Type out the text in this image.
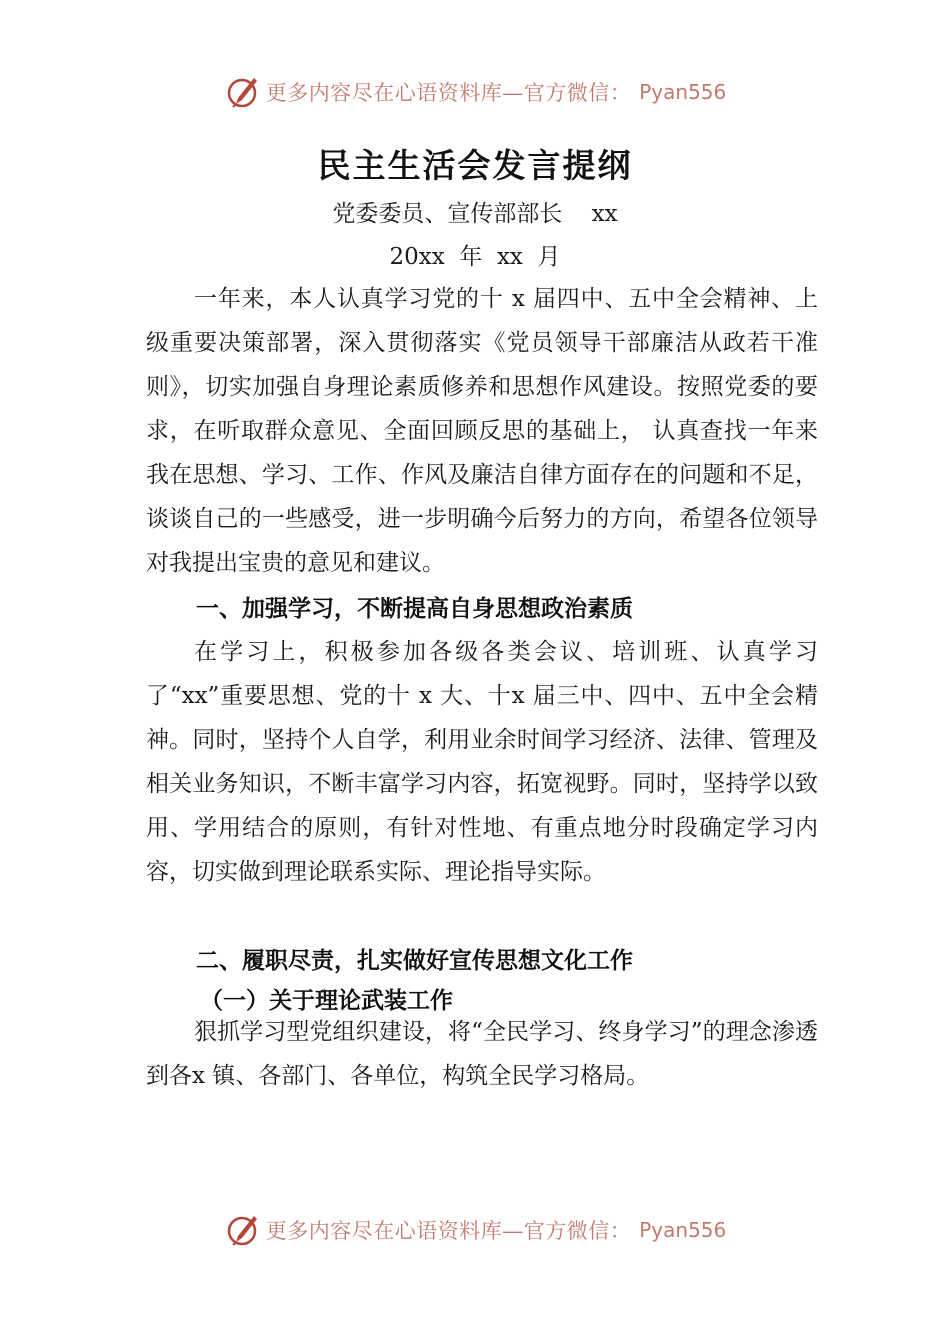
更多内容尽在心语资料库—官方微信： Pyan556
民主生活会发言提纲
党委委员、宣传部部长    xx
20xx  年  xx  月
一年来，本人认真学习党的十 x 届四中、五中全会精神、上级重要决策部署，深入贯彻落实《党员领导干部廉洁从政若干准则》，切实加强自身理论素质修养和思想作风建设。按照党委的要求，在听取群众意见、全面回顾反思的基础上， 认真查找一年来我在思想、学习、工作、作风及廉洁自律方面存在的问题和不足，谈谈自己的一些感受，进一步明确今后努力的方向，希望各位领导对我提出宝贵的意见和建议。
一、加强学习，不断提高自身思想政治素质
在学习上，积极参加各级各类会议、培训班、认真学习了“xx”重要思想、党的十 x 大、十x 届三中、四中、五中全会精神。同时，坚持个人自学，利用业余时间学习经济、法律、管理及相关业务知识，不断丰富学习内容，拓宽视野。同时，坚持学以致用、学用结合的原则，有针对性地、有重点地分时段确定学习内容，切实做到理论联系实际、理论指导实际。
二、履职尽责，扎实做好宣传思想文化工作
（一）关于理论武装工作
狠抓学习型党组织建设，将“全民学习、终身学习”的理念渗透到各x 镇、各部门、各单位，构筑全民学习格局。
更多内容尽在心语资料库—官方微信： Pyan556
